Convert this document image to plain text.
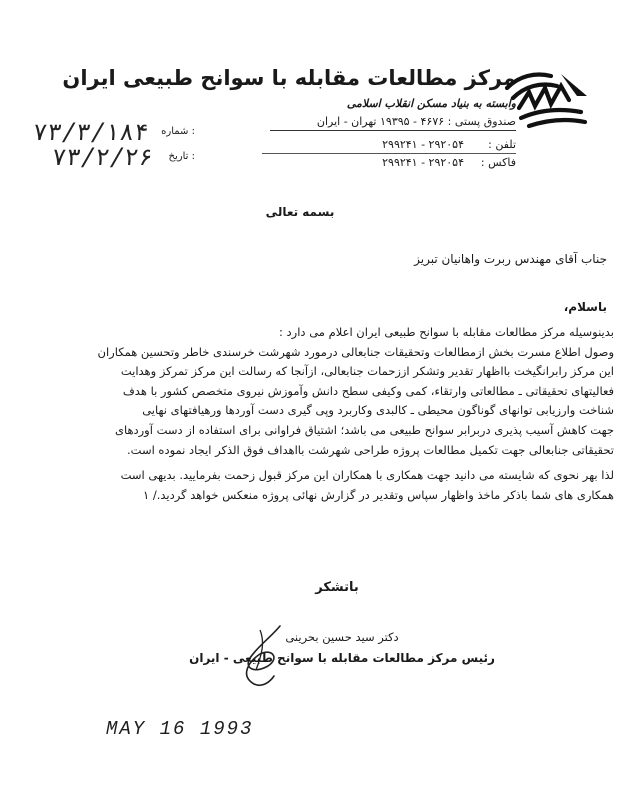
مرکز مطالعات مقابله با سوانح طبیعی ایران
وابسته به بنیاد مسکن انقلاب اسلامی
صندوق پستی : ۴۶۷۶ - ۱۹۳۹۵ تهران - ایران
تلفن :۲۹۲۰۵۴ - ۲۹۹۲۴۱
فاکس :۲۹۲۰۵۴ - ۲۹۹۲۴۱
شماره :
۷۳/۳/۱۸۴
تاریخ :
۷۳/۲/۲۶
بسمه تعالی
جناب آقای مهندس ربرت واهانیان تبریز
باسلام،

بدینوسیله مرکز مطالعات مقابله با سوانح طبیعی ایران اعلام می دارد :

وصول اطلاع مسرت بخش ازمطالعات وتحقیقات جنابعالی درمورد شهرشت خرسندی خاطر وتحسین همکاران

این مرکز رابرانگیخت بااظهار تقدیر وتشکر اززحمات جنابعالی، ازآنجا که رسالت این مرکز تمرکز وهدایت

فعالیتهای تحقیقاتی ـ مطالعاتی وارتقاء، کمی وکیفی سطح دانش وآموزش نیروی متخصص کشور با هدف

شناخت وارزیابی توانهای گوناگون محیطی ـ کالبدی وکاربرد وپی گیری دست آوردها ورهیافتهای نهایی

جهت کاهش آسیب پذیری دربرابر سوانح طبیعی می باشد؛ اشتیاق فراوانی برای استفاده از دست آوردهای

تحقیقاتی جنابعالی جهت تکمیل مطالعات پروژه طراحی شهرشت بااهداف فوق الذکر ایجاد نموده است.

لذا بهر نحوی که شایسته می دانید جهت همکاری با همکاران این مرکز قبول زحمت بفرمایید. بدیهی است

همکاری های شما باذکر ماخذ واظهار سپاس وتقدیر در گزارش نهائی پروژه منعکس خواهد گردید./ ۱

باتشکر
دکتر سید حسین بحرینی
رئیس مرکز مطالعات مقابله با سوانح طبیعی - ایران
MAY 16 1993
